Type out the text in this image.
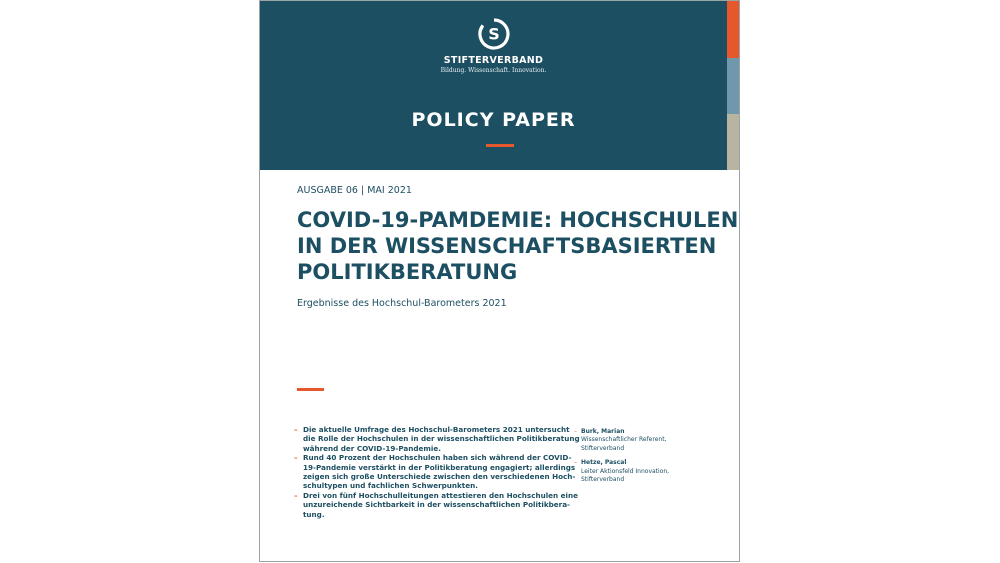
S
STIFTERVERBAND
Bildung. Wissenschaft. Innovation.
POLICY PAPER
AUSGABE 06 | MAI 2021
COVID-19-PAMDEMIE: HOCHSCHULEN
IN DER WISSENSCHAFTSBASIERTEN
POLITIKBERATUNG
Ergebnisse des Hochschul-Barometers 2021
– Die aktuelle Umfrage des Hochschul-Barometers 2021 untersucht
die Rolle der Hochschulen in der wissenschaftlichen Politikberatung
während der COVID-19-Pandemie.
– Rund 40 Prozent der Hochschulen haben sich während der COVID-
19-Pandemie verstärkt in der Politikberatung engagiert; allerdings
zeigen sich große Unterschiede zwischen den verschiedenen Hoch-
schultypen und fachlichen Schwerpunkten.
– Drei von fünf Hochschulleitungen attestieren den Hochschulen eine
unzureichende Sichtbarkeit in der wissenschaftlichen Politikbera-
tung.
– Burk, Marian
Wissenschaftlicher Referent,
Stifterverband
– Hetze, Pascal
Leiter Aktionsfeld Innovation,
Stifterverband
